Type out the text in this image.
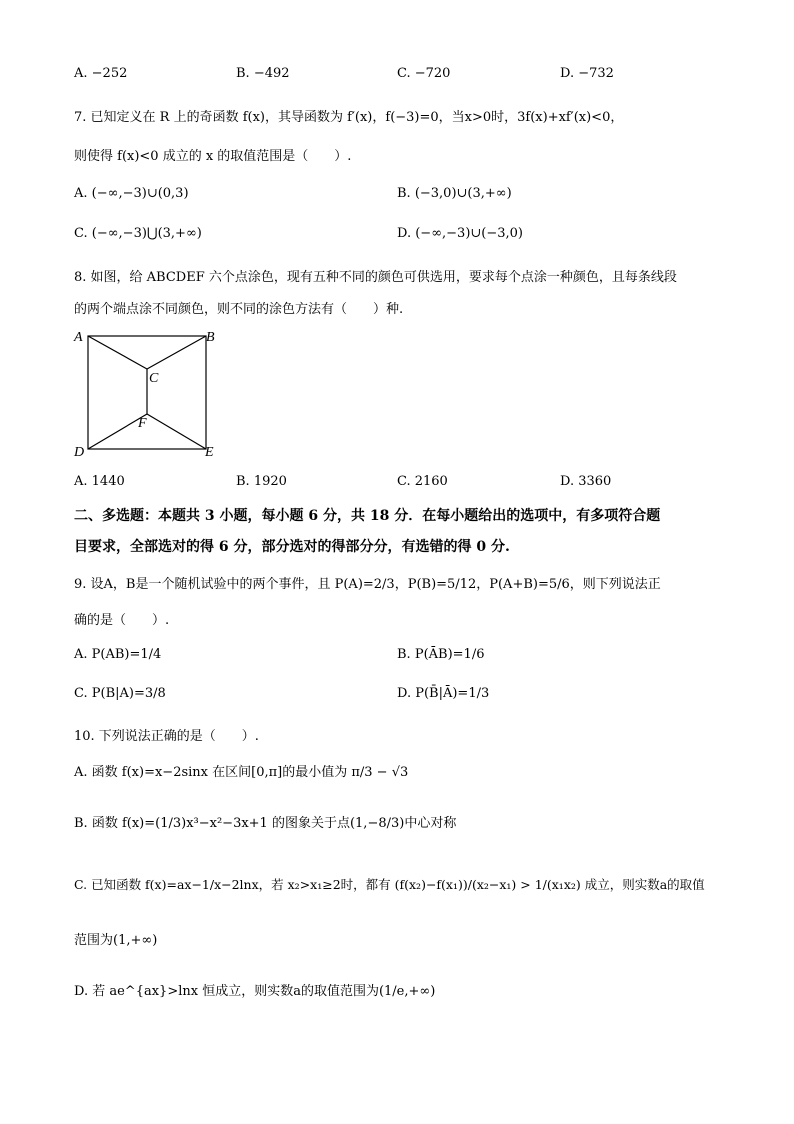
A. −252	B. −492	C. −720	D. −732
7. 已知定义在 R 上的奇函数 f(x)，其导函数为 f′(x)，f(−3)=0，当x>0时，3f(x)+xf′(x)<0，
则使得 f(x)<0 成立的 x 的取值范围是（　　）.
A. (−∞,−3)∪(0,3)	B. (−3,0)∪(3,+∞)
C. (−∞,−3)⋃(3,+∞)	D. (−∞,−3)∪(−3,0)
8. 如图，给 ABCDEF 六个点涂色，现有五种不同的颜色可供选用，要求每个点涂一种颜色，且每条线段
的两个端点涂不同颜色，则不同的涂色方法有（　　）种.
A	B
C
F
D	E
A. 1440	B. 1920	C. 2160	D. 3360
二、多选题：本题共 3 小题，每小题 6 分，共 18 分．在每小题给出的选项中，有多项符合题
目要求，全部选对的得 6 分，部分选对的得部分分，有选错的得 0 分.
9. 设A，B是一个随机试验中的两个事件，且 P(A)=2/3，P(B)=5/12，P(A+B)=5/6，则下列说法正
确的是（　　）.
A. P(AB)=1/4	B. P(ĀB)=1/6
C. P(B|A)=3/8	D. P(B̄|Ā)=1/3
10. 下列说法正确的是（　　）.
A. 函数 f(x)=x−2sinx 在区间[0,π]的最小值为 π/3 − √3
B. 函数 f(x)=(1/3)x³−x²−3x+1 的图象关于点(1,−8/3)中心对称
C. 已知函数 f(x)=ax−1/x−2lnx，若 x₂>x₁≥2时，都有 (f(x₂)−f(x₁))/(x₂−x₁) > 1/(x₁x₂) 成立，则实数a的取值
范围为(1,+∞)
D. 若 ae^{ax}>lnx 恒成立，则实数a的取值范围为(1/e,+∞)
